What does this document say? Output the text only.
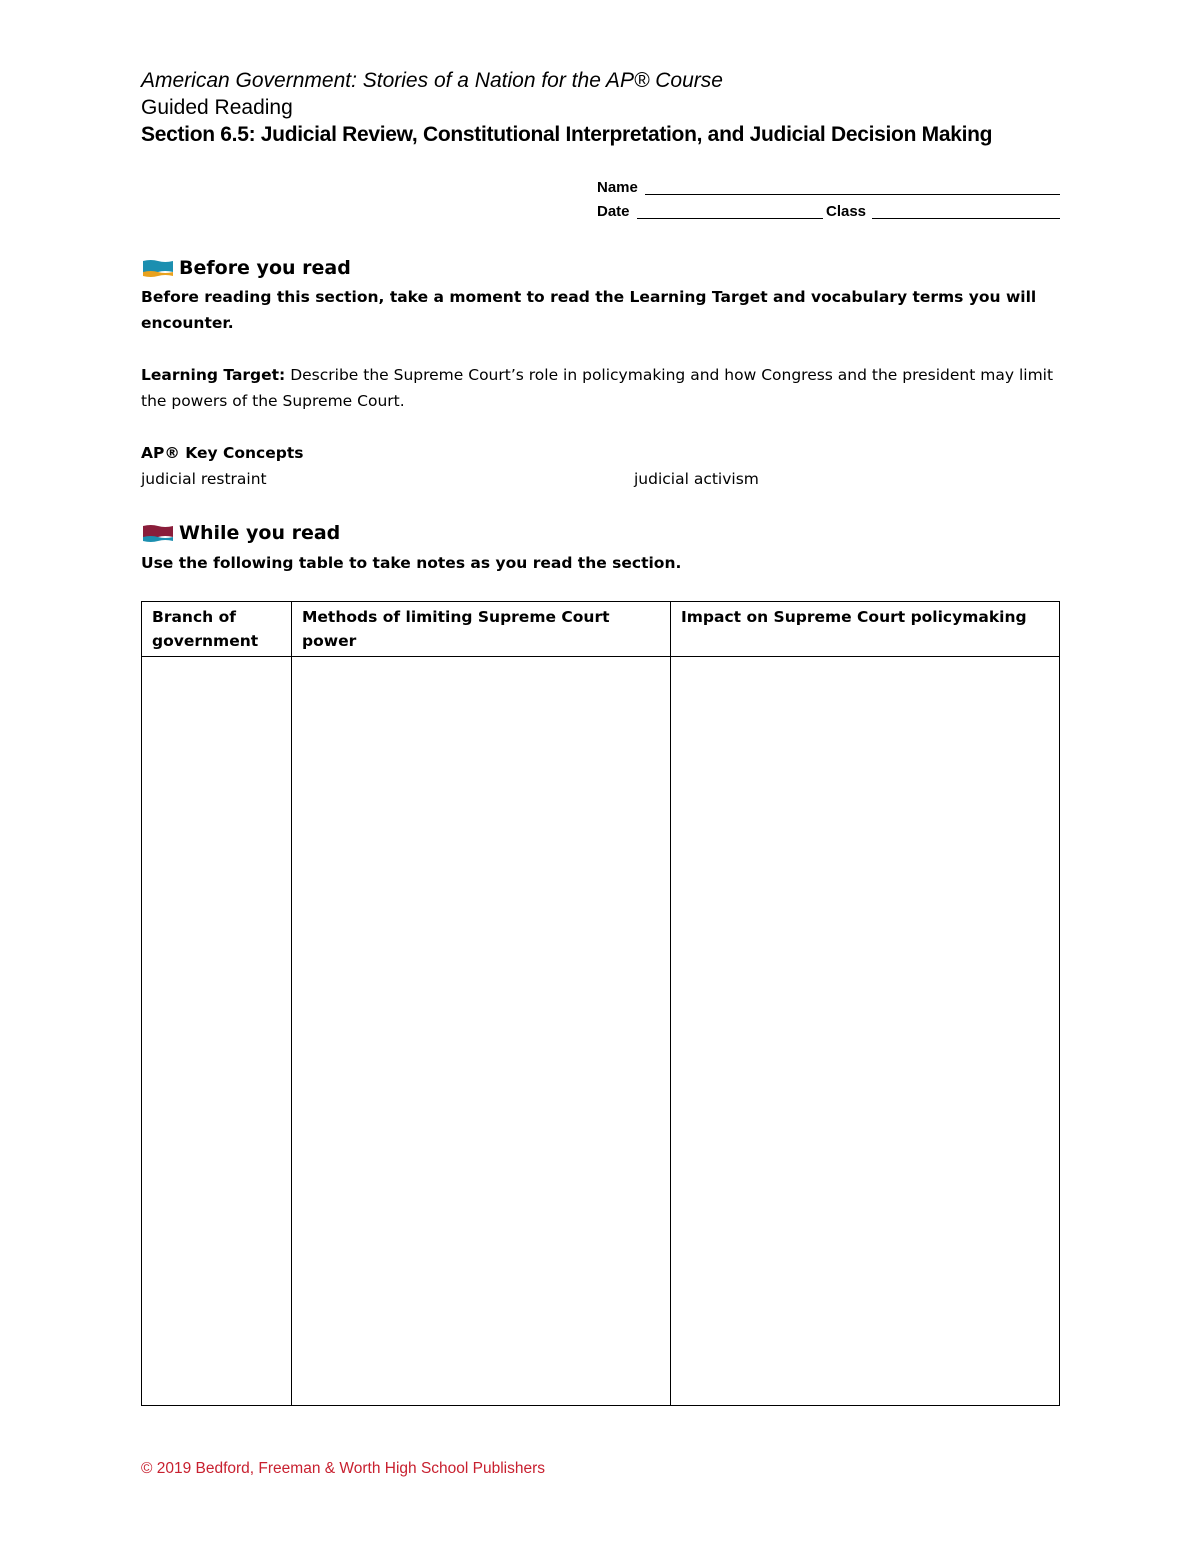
American Government: Stories of a Nation for the AP® Course
Guided Reading
Section 6.5: Judicial Review, Constitutional Interpretation, and Judicial Decision Making
Name
Date	Class
Before you read
Before reading this section, take a moment to read the Learning Target and vocabulary terms you will encounter.
Learning Target: Describe the Supreme Court’s role in policymaking and how Congress and the president may limit the powers of the Supreme Court.
AP® Key Concepts
judicial restraint	judicial activism
While you read
Use the following table to take notes as you read the section.
Branch of government	Methods of limiting Supreme Court power	Impact on Supreme Court policymaking

© 2019 Bedford, Freeman & Worth High School Publishers
